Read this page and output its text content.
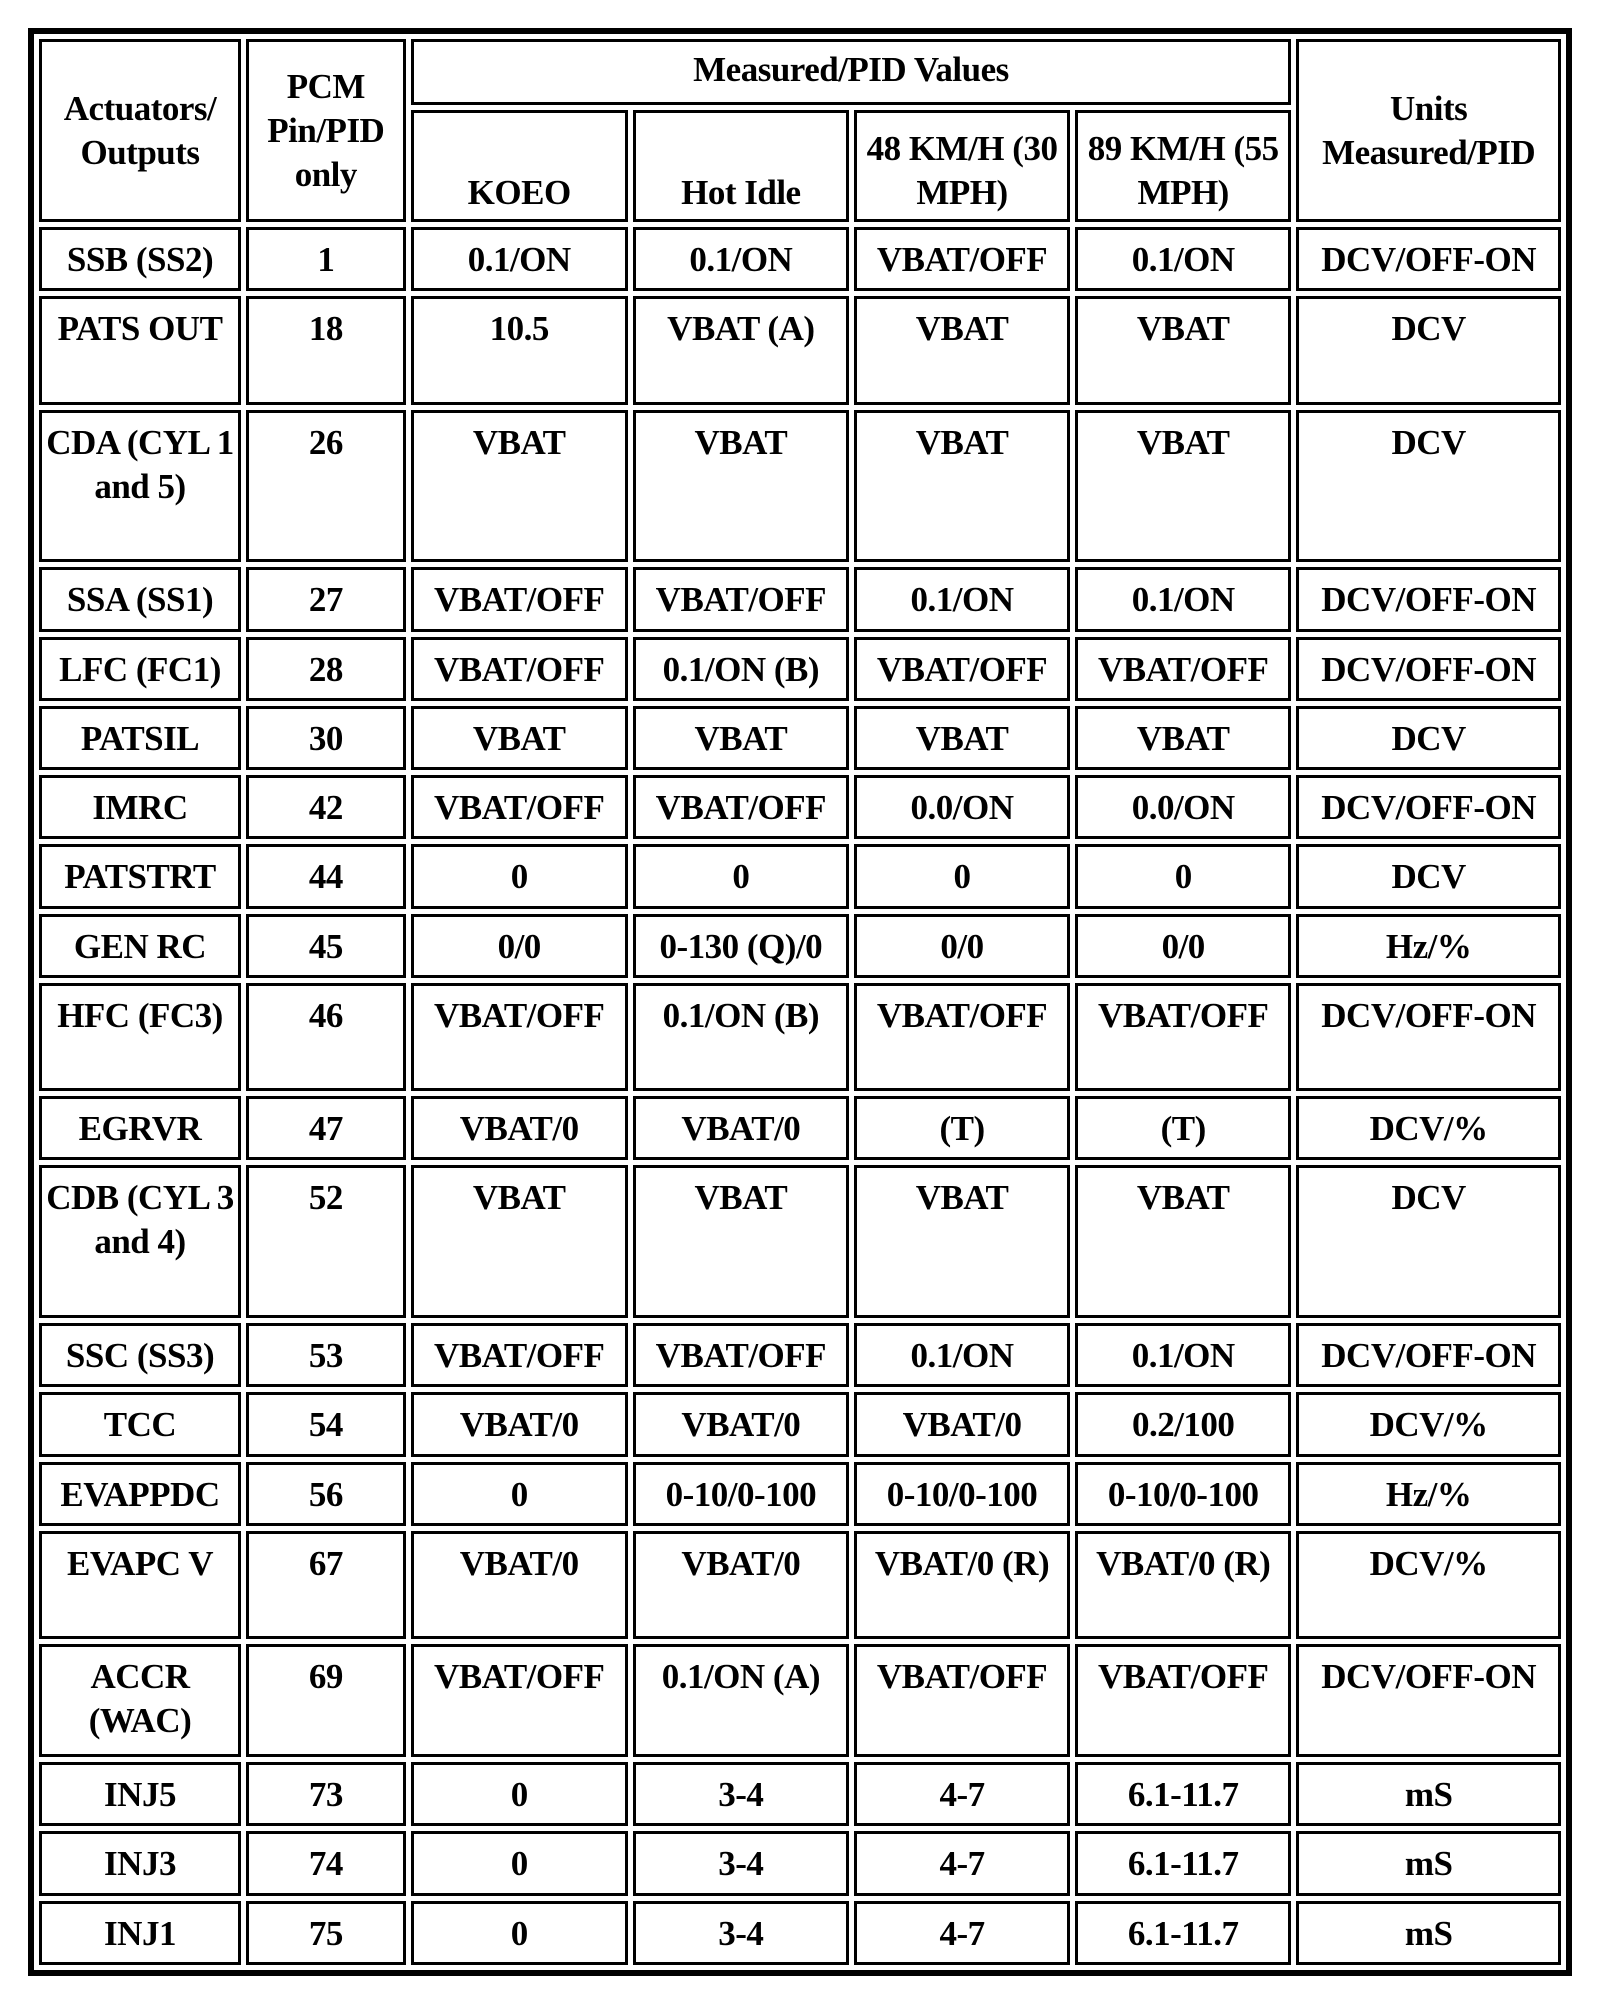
Actuators/ Outputs	PCM Pin/PID only	Measured/PID Values				Units Measured/PID
		KOEO	Hot Idle	48 KM/H (30 MPH)	89 KM/H (55 MPH)	
SSB (SS2)	1	0.1/ON	0.1/ON	VBAT/OFF	0.1/ON	DCV/OFF-ON
PATS OUT	18	10.5	VBAT (A)	VBAT	VBAT	DCV
CDA (CYL 1 and 5)	26	VBAT	VBAT	VBAT	VBAT	DCV
SSA (SS1)	27	VBAT/OFF	VBAT/OFF	0.1/ON	0.1/ON	DCV/OFF-ON
LFC (FC1)	28	VBAT/OFF	0.1/ON (B)	VBAT/OFF	VBAT/OFF	DCV/OFF-ON
PATSIL	30	VBAT	VBAT	VBAT	VBAT	DCV
IMRC	42	VBAT/OFF	VBAT/OFF	0.0/ON	0.0/ON	DCV/OFF-ON
PATSTRT	44	0	0	0	0	DCV
GEN RC	45	0/0	0-130 (Q)/0	0/0	0/0	Hz/%
HFC (FC3)	46	VBAT/OFF	0.1/ON (B)	VBAT/OFF	VBAT/OFF	DCV/OFF-ON
EGRVR	47	VBAT/0	VBAT/0	(T)	(T)	DCV/%
CDB (CYL 3 and 4)	52	VBAT	VBAT	VBAT	VBAT	DCV
SSC (SS3)	53	VBAT/OFF	VBAT/OFF	0.1/ON	0.1/ON	DCV/OFF-ON
TCC	54	VBAT/0	VBAT/0	VBAT/0	0.2/100	DCV/%
EVAPPDC	56	0	0-10/0-100	0-10/0-100	0-10/0-100	Hz/%
EVAPC V	67	VBAT/0	VBAT/0	VBAT/0 (R)	VBAT/0 (R)	DCV/%
ACCR (WAC)	69	VBAT/OFF	0.1/ON (A)	VBAT/OFF	VBAT/OFF	DCV/OFF-ON
INJ5	73	0	3-4	4-7	6.1-11.7	mS
INJ3	74	0	3-4	4-7	6.1-11.7	mS
INJ1	75	0	3-4	4-7	6.1-11.7	mS
